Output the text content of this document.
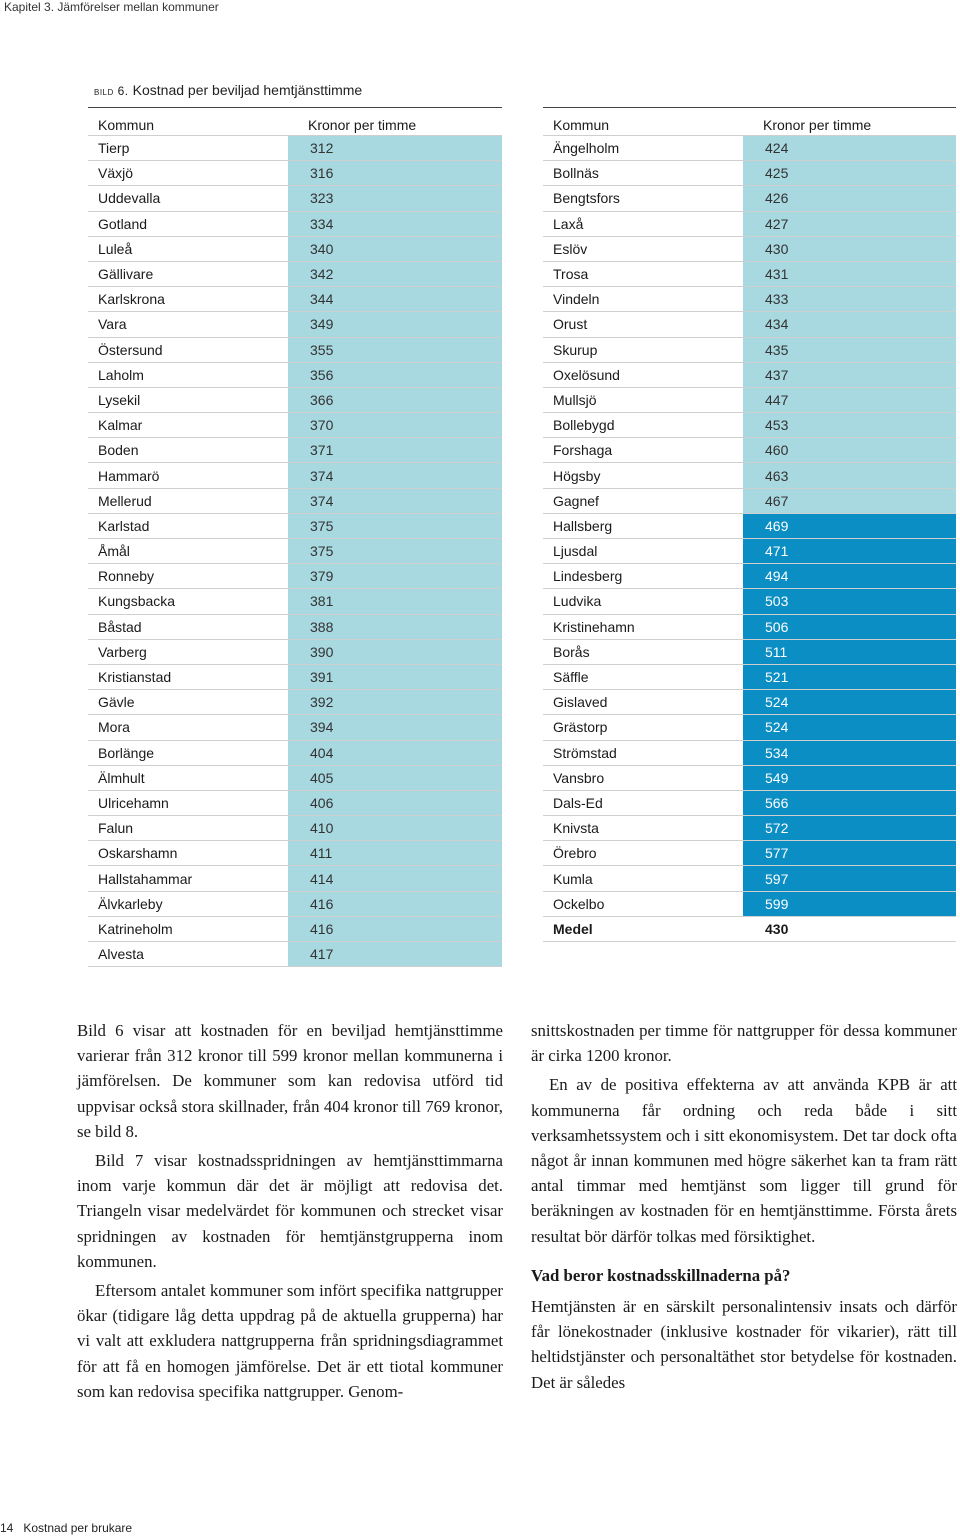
Kapitel 3. Jämförelser mellan kommuner
bild 6. Kostnad per beviljad hemtjänsttimme
Kommun	Kronor per timme
Tierp	312
Växjö	316
Uddevalla	323
Gotland	334
Luleå	340
Gällivare	342
Karlskrona	344
Vara	349
Östersund	355
Laholm	356
Lysekil	366
Kalmar	370
Boden	371
Hammarö	374
Mellerud	374
Karlstad	375
Åmål	375
Ronneby	379
Kungsbacka	381
Båstad	388
Varberg	390
Kristianstad	391
Gävle	392
Mora	394
Borlänge	404
Älmhult	405
Ulricehamn	406
Falun	410
Oskarshamn	411
Hallstahammar	414
Älvkarleby	416
Katrineholm	416
Alvesta	417
Kommun	Kronor per timme
Ängelholm	424
Bollnäs	425
Bengtsfors	426
Laxå	427
Eslöv	430
Trosa	431
Vindeln	433
Orust	434
Skurup	435
Oxelösund	437
Mullsjö	447
Bollebygd	453
Forshaga	460
Högsby	463
Gagnef	467
Hallsberg	469
Ljusdal	471
Lindesberg	494
Ludvika	503
Kristinehamn	506
Borås	511
Säffle	521
Gislaved	524
Grästorp	524
Strömstad	534
Vansbro	549
Dals-Ed	566
Knivsta	572
Örebro	577
Kumla	597
Ockelbo	599
Medel	430

Bild 6 visar att kostnaden för en beviljad hemtjänsttimme varierar från 312 kronor till 599 kronor mellan kommunerna i jämförelsen. De kommuner som kan redovisa utförd tid uppvisar också stora skillnader, från 404 kronor till 769 kronor, se bild 8.

Bild 7 visar kostnadsspridningen av hemtjänsttimmarna inom varje kommun där det är möjligt att redovisa det. Triangeln visar medelvärdet för kommunen och strecket visar spridningen av kostnaden för hemtjänstgrupperna inom kommunen.

Eftersom antalet kommuner som infört specifika nattgrupper ökar (tidigare låg detta uppdrag på de aktuella grupperna) har vi valt att exkludera nattgrupperna från spridningsdiagrammet för att få en homogen jämförelse. Det är ett tiotal kommuner som kan redovisa specifika nattgrupper. Genom-

snittskostnaden per timme för nattgrupper för dessa kommuner är cirka 1200 kronor.

En av de positiva effekterna av att använda KPB är att kommunerna får ordning och reda både i sitt verksamhetssystem och i sitt ekonomisystem. Det tar dock ofta något år innan kommunen med högre säkerhet kan ta fram rätt antal timmar med hemtjänst som ligger till grund för beräkningen av kostnaden för en hemtjänsttimme. Första årets resultat bör därför tolkas med försiktighet.

Vad beror kostnadsskillnaderna på?

Hemtjänsten är en särskilt personalintensiv insats och därför får lönekostnader (inklusive kostnader för vikarier), rätt till heltidstjänster och personaltäthet stor betydelse för kostnaden. Det är således

14 Kostnad per brukare
